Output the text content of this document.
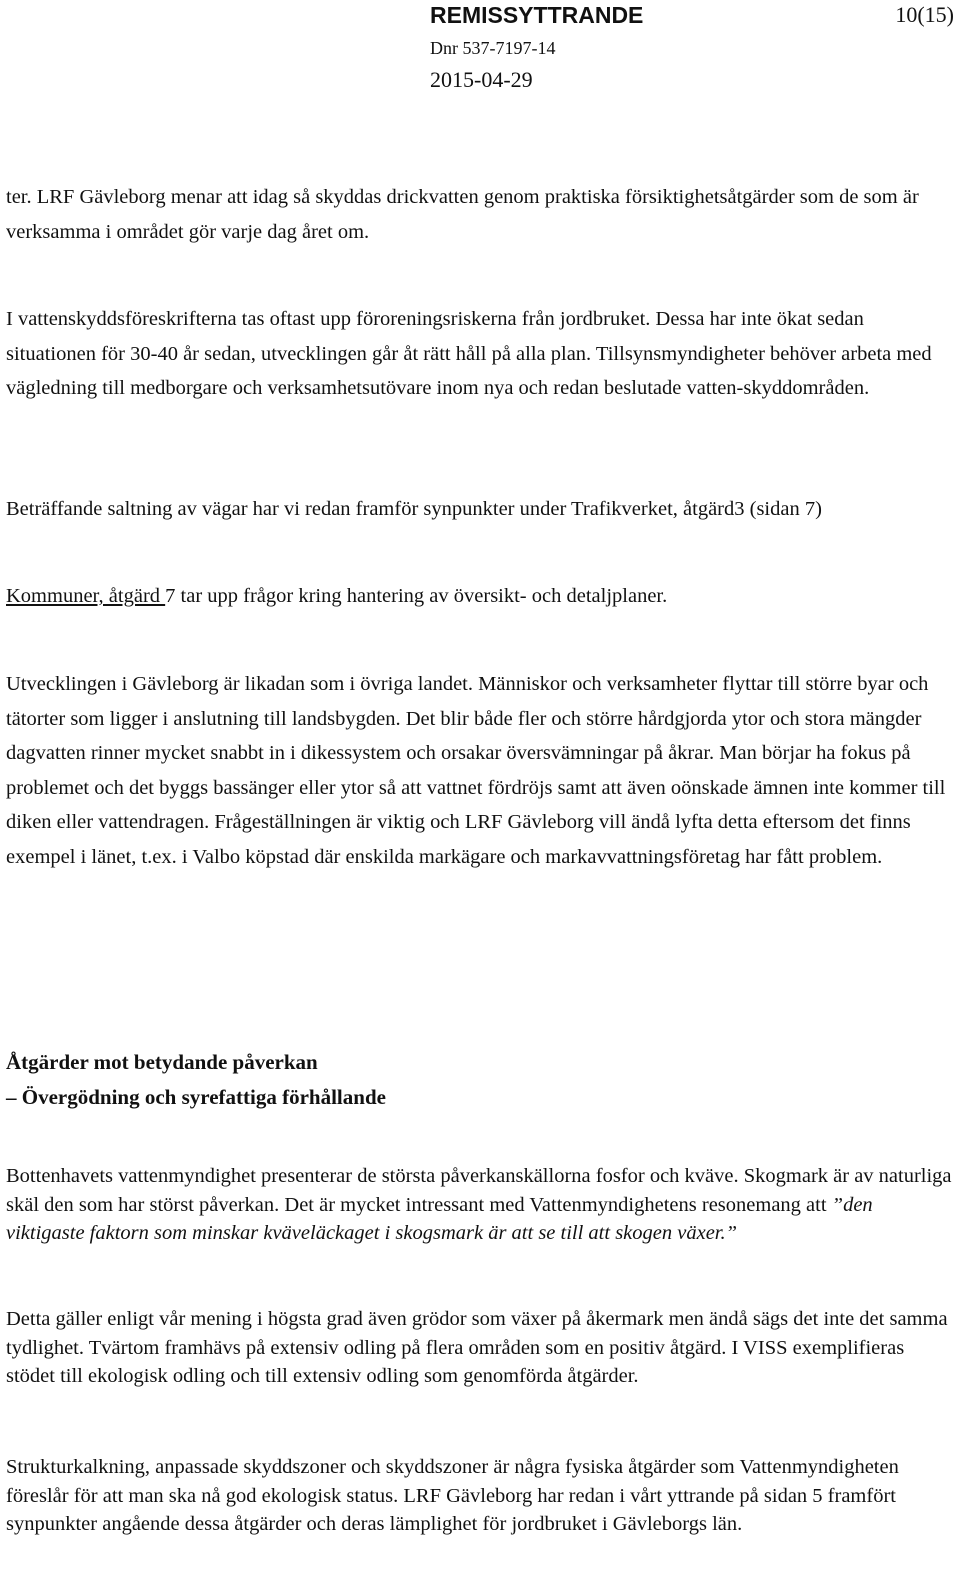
REMISSYTTRANDE	10(15)

Dnr 537-7197-14

2015-04-29

ter. LRF Gävleborg menar att idag så skyddas drickvatten genom praktiska försiktighetsåtgärder som de som är verksamma i området gör varje dag året om.

I vattenskyddsföreskrifterna tas oftast upp föroreningsriskerna från jordbruket. Dessa har inte ökat sedan situationen för 30-40 år sedan, utvecklingen går åt rätt håll på alla plan. Tillsynsmyndigheter behöver arbeta med vägledning till medborgare och verksamhetsutövare inom nya och redan beslutade vatten-skyddområden.

Beträffande saltning av vägar har vi redan framför synpunkter under Trafikverket, åtgärd3 (sidan 7)

Kommuner, åtgärd 7 tar upp frågor kring hantering av översikt- och detaljplaner.

Utvecklingen i Gävleborg är likadan som i övriga landet. Människor och verksamheter flyttar till större byar och tätorter som ligger i anslutning till landsbygden. Det blir både fler och större hårdgjorda ytor och stora mängder dagvatten rinner mycket snabbt in i dikessystem och orsakar översvämningar på åkrar. Man börjar ha fokus på problemet och det byggs bassänger eller ytor så att vattnet fördröjs samt att även oönskade ämnen inte kommer till diken eller vattendragen. Frågeställningen är viktig och LRF Gävleborg vill ändå lyfta detta eftersom det finns exempel i länet, t.ex. i Valbo köpstad där enskilda markägare och markavvattningsföretag har fått problem.

Åtgärder mot betydande påverkan

– Övergödning och syrefattiga förhållande

Bottenhavets vattenmyndighet presenterar de största påverkanskällorna fosfor och kväve. Skogmark är av naturliga skäl den som har störst påverkan. Det är mycket intressant med Vattenmyndighetens resonemang att ”den viktigaste faktorn som minskar kväveläckaget i skogsmark är att se till att skogen växer.”

Detta gäller enligt vår mening i högsta grad även grödor som växer på åkermark men ändå sägs det inte det samma tydlighet. Tvärtom framhävs på extensiv odling på flera områden som en positiv åtgärd. I VISS exemplifieras stödet till ekologisk odling och till extensiv odling som genomförda åtgärder.

Strukturkalkning, anpassade skyddszoner och skyddszoner är några fysiska åtgärder som Vattenmyndigheten föreslår för att man ska nå god ekologisk status. LRF Gävleborg har redan i vårt yttrande på sidan 5 framfört synpunkter angående dessa åtgärder och deras lämplighet för jordbruket i Gävleborgs län.
